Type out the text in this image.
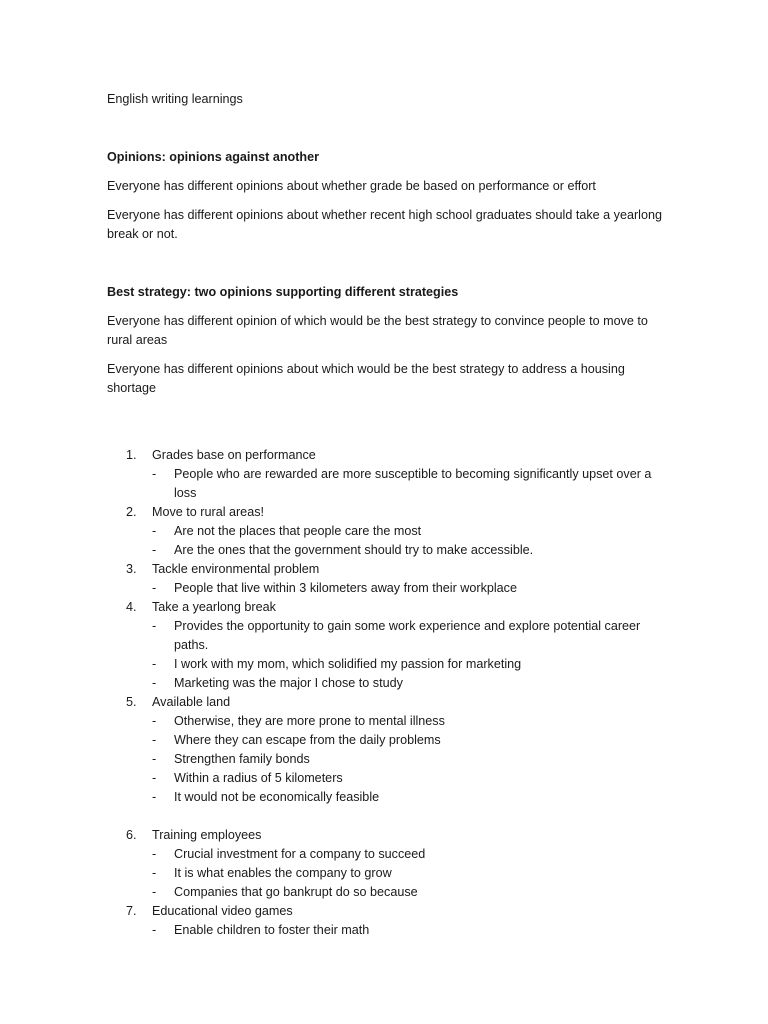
English writing learnings
Opinions: opinions against another
Everyone has different opinions about whether grade be based on performance or effort
Everyone has different opinions about whether recent high school graduates should take a yearlong break or not.
Best strategy: two opinions supporting different strategies
Everyone has different opinion of which would be the best strategy to convince people to move to rural areas
Everyone has different opinions about which would be the best strategy to address a housing shortage
1. Grades base on performance
- People who are rewarded are more susceptible to becoming significantly upset over a loss
2. Move to rural areas!
- Are not the places that people care the most
- Are the ones that the government should try to make accessible.
3. Tackle environmental problem
- People that live within 3 kilometers away from their workplace
4. Take a yearlong break
- Provides the opportunity to gain some work experience and explore potential career paths.
- I work with my mom, which solidified my passion for marketing
- Marketing was the major I chose to study
5. Available land
- Otherwise, they are more prone to mental illness
- Where they can escape from the daily problems
- Strengthen family bonds
- Within a radius of 5 kilometers
- It would not be economically feasible
6. Training employees
- Crucial investment for a company to succeed
- It is what enables the company to grow
- Companies that go bankrupt do so because
7. Educational video games
- Enable children to foster their math
